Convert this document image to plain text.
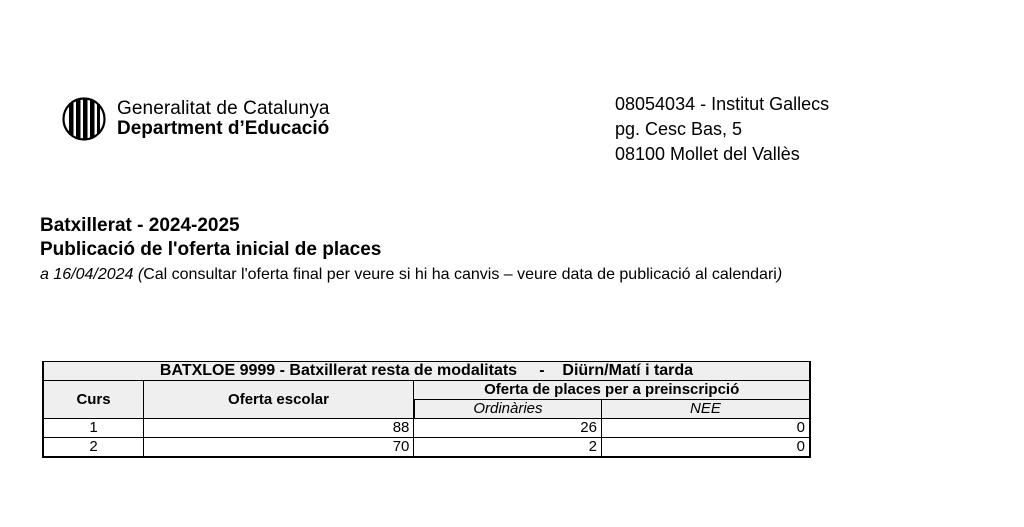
Generalitat de Catalunya
Department d’Educació
08054034 - Institut Gallecs
pg. Cesc Bas, 5
08100 Mollet del Vallès
Batxillerat - 2024-2025
Publicació de l'oferta inicial de places
a 16/04/2024 (Cal consultar l'oferta final per veure si hi ha canvis – veure data de publicació al calendari)
BATXLOE 9999 - Batxillerat resta de modalitats     -    Diürn/Matí i tarda			
Curs	Oferta escolar	Oferta de places per a preinscripció	
		Ordinàries	NEE
1	88	26	0
2	70	2	0
